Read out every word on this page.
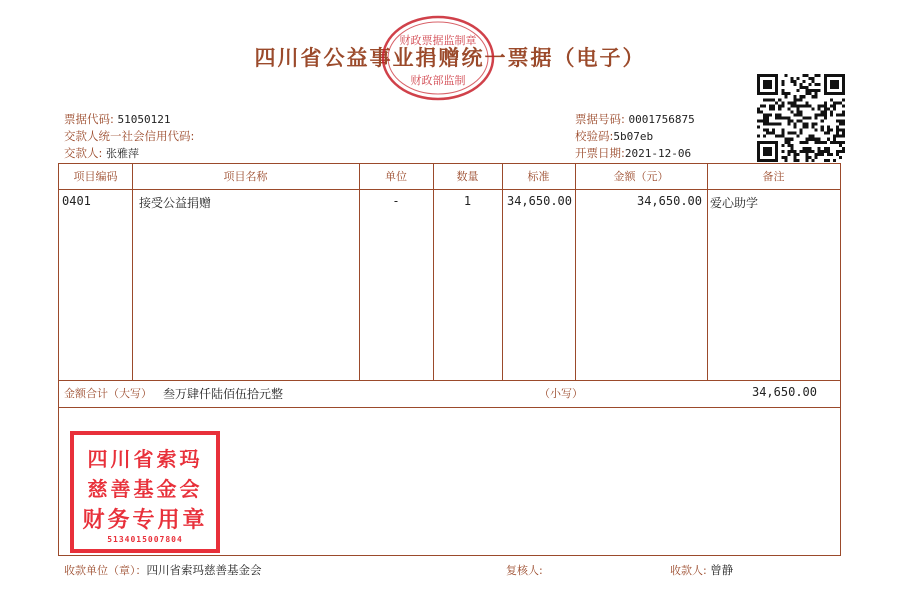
四川省公益事业捐赠统一票据（电子）
财政票据监制章
财政部监制
票据代码: 51050121
交款人统一社会信用代码:
交款人: 张雅萍
票据号码: 0001756875
校验码:5b07eb
开票日期:2021-12-06
项目编码	项目名称	单位	数量	标准	金额（元）	备注
0401	接受公益捐赠	-	1	34,650.00	34,650.00 爱心助学
金额合计（大写） 叁万肆仟陆佰伍拾元整	（小写）	34,650.00
四川省索玛
慈善基金会
财务专用章
5134015007804
收款单位（章）：四川省索玛慈善基金会	复核人:	收款人: 曾静
